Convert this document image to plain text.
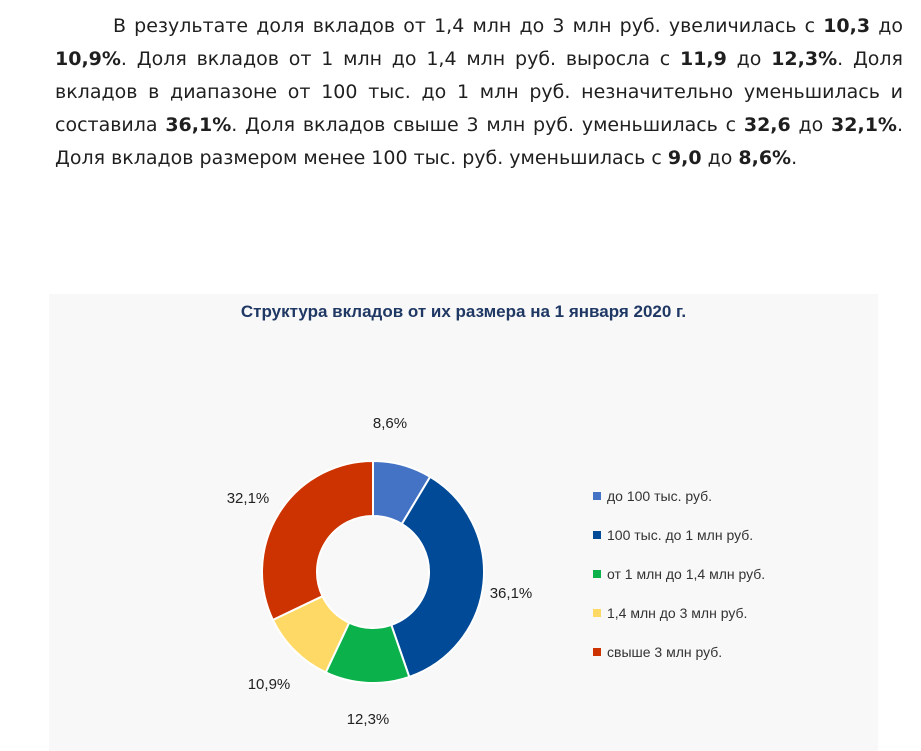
В результате доля вкладов от 1,4 млн до 3 млн руб. увеличилась с 10,3 до 10,9%. Доля вкладов от 1 млн до 1,4 млн руб. выросла с 11,9 до 12,3%. Доля вкладов в диапазоне от 100 тыс. до 1 млн руб. незначительно уменьшилась и составила 36,1%. Доля вкладов свыше 3 млн руб. уменьшилась с 32,6 до 32,1%. Доля вкладов размером менее 100 тыс. руб. уменьшилась с 9,0 до 8,6%.

8,6%
36,1%
12,3%
10,9%
32,1%
Структура вкладов от их размера на 1 января 2020 г.
до 100 тыс. руб.
100 тыс. до 1 млн руб.
от 1 млн до 1,4 млн руб.
1,4 млн до 3 млн руб.
свыше 3 млн руб.
